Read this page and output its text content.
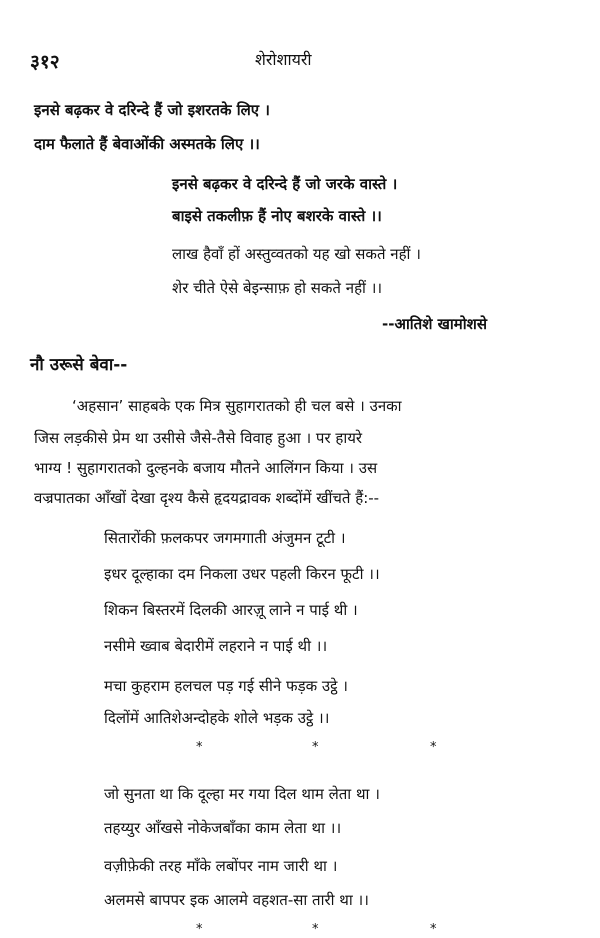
३१२	शेरोशायरी
इनसे बढ़कर वे दरिन्दे हैं जो इशरतके लिए ।
दाम फैलाते हैं बेवाओंकी अस्मतके लिए ।।
इनसे बढ़कर वे दरिन्दे हैं जो जरके वास्ते ।
बाइसे तकलीफ़ हैं नोए बशरके वास्ते ।।
लाख हैवाँ हों अस्तुव्वतको यह खो सकते नहीं ।
शेर चीते ऐसे बेइन्साफ़ हो सकते नहीं ।।
--आतिशे खामोशसे
नौ उरूसे बेवा--
‘अहसान’ साहबके एक मित्र सुहागरातको ही चल बसे । उनका
जिस लड़कीसे प्रेम था उसीसे जैसे-तैसे विवाह हुआ । पर हायरे
भाग्य ! सुहागरातको दुल्हनके बजाय मौतने आलिंगन किया । उस
वज्रपातका आँखों देखा दृश्य कैसे हृदयद्रावक शब्दोंमें खींचते हैं:--
सितारोंकी फ़लकपर जगमगाती अंजुमन टूटी ।
इधर दूल्हाका दम निकला उधर पहली किरन फूटी ।।
शिकन बिस्तरमें दिलकी आरज़ू लाने न पाई थी ।
नसीमे ख्वाब बेदारीमें लहराने न पाई थी ।।
मचा कुहराम हलचल पड़ गई सीने फड़क उट्ठे ।
दिलोंमें आतिशेअन्दोहके शोले भड़क उट्ठे ।।
*	*	*
जो सुनता था कि दूल्हा मर गया दिल थाम लेता था ।
तहय्युर आँखसे नोकेजबाँका काम लेता था ।।
वज़ीफ़ेकी तरह माँके लबोंपर नाम जारी था ।
अलमसे बापपर इक आलमे वहशत-सा तारी था ।।
*	*	*
